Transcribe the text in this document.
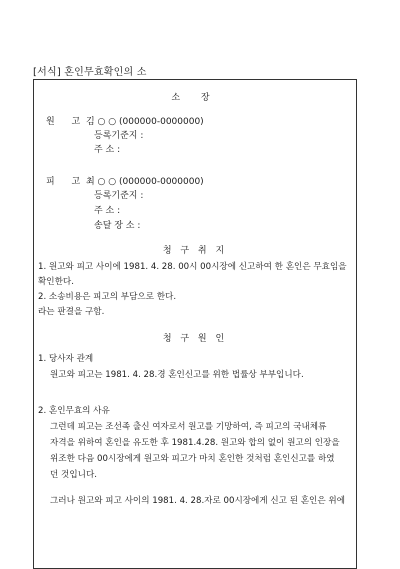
[서식] 혼인무효확인의 소
소 장
원 고
김 ○ ○ (000000-0000000)
등록기준지 :
주 소 :
피 고
최 ○ ○ (000000-0000000)
등록기준지 :
주 소 :
송달 장 소 :
청 구 취 지
1. 원고와 피고 사이에 1981. 4. 28. 00시 00시장에 신고하여 한 혼인은 무효임을
확인한다.
2. 소송비용은 피고의 부담으로 한다.
라는 판결을 구함.
청 구 원 인
1. 당사자 관계
원고와 피고는 1981. 4. 28.경 혼인신고를 위한 법률상 부부입니다.
2. 혼인무효의 사유
그런데 피고는 조선족 출신 여자로서 원고를 기망하여, 즉 피고의 국내체류
자격을 위하여 혼인을 유도한 후 1981.4.28. 원고와 합의 없이 원고의 인장을
위조한 다음 00시장에게 원고와 피고가 마치 혼인한 것처럼 혼인신고를 하였
던 것입니다.
그러나 원고와 피고 사이의 1981. 4. 28.자로 00시장에게 신고 된 혼인은 위에
